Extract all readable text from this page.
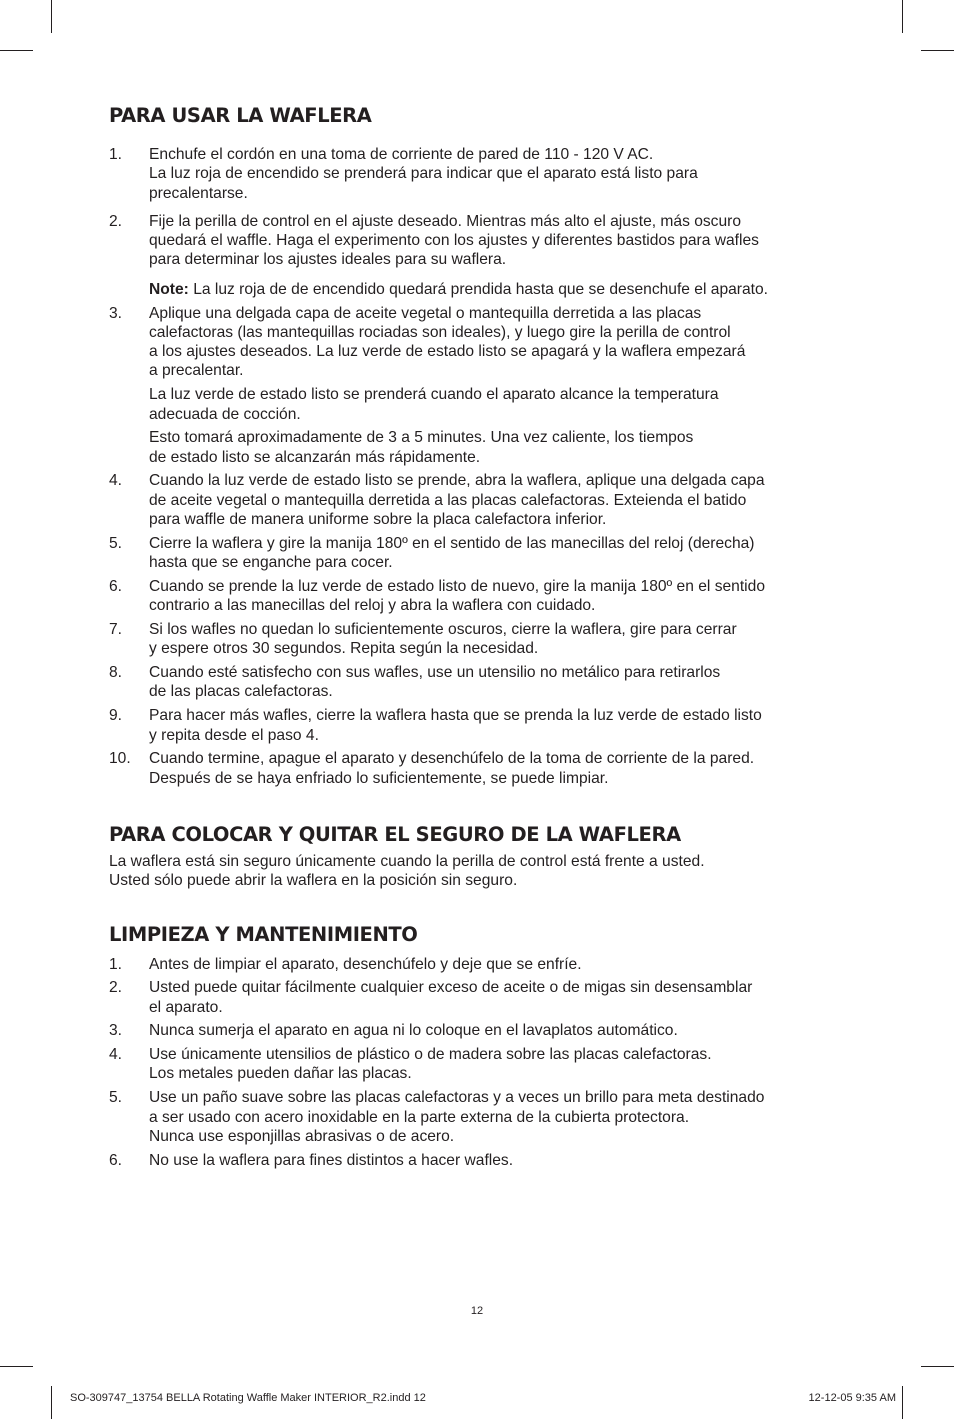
PARA USAR LA WAFLERA
1. Enchufe el cordón en una toma de corriente de pared de 110 - 120 V AC.
La luz roja de encendido se prenderá para indicar que el aparato está listo para
precalentarse.

2. Fije la perilla de control en el ajuste deseado. Mientras más alto el ajuste, más oscuro
quedará el waffle. Haga el experimento con los ajustes y diferentes bastidos para wafles
para determinar los ajustes ideales para su waflera.

Note: La luz roja de de encendido quedará prendida hasta que se desenchufe el aparato.

3. Aplique una delgada capa de aceite vegetal o mantequilla derretida a las placas
calefactoras (las mantequillas rociadas son ideales), y luego gire la perilla de control
a los ajustes deseados. La luz verde de estado listo se apagará y la waflera empezará
a precalentar.

La luz verde de estado listo se prenderá cuando el aparato alcance la temperatura
adecuada de cocción.

Esto tomará aproximadamente de 3 a 5 minutes. Una vez caliente, los tiempos
de estado listo se alcanzarán más rápidamente.

4. Cuando la luz verde de estado listo se prende, abra la waflera, aplique una delgada capa
de aceite vegetal o mantequilla derretida a las placas calefactoras. Exteienda el batido
para waffle de manera uniforme sobre la placa calefactora inferior.

5. Cierre la waflera y gire la manija 180º en el sentido de las manecillas del reloj (derecha)
hasta que se enganche para cocer.

6. Cuando se prende la luz verde de estado listo de nuevo, gire la manija 180º en el sentido
contrario a las manecillas del reloj y abra la waflera con cuidado.

7. Si los wafles no quedan lo suficientemente oscuros, cierre la waflera, gire para cerrar
y espere otros 30 segundos. Repita según la necesidad.

8. Cuando esté satisfecho con sus wafles, use un utensilio no metálico para retirarlos
de las placas calefactoras.

9. Para hacer más wafles, cierre la waflera hasta que se prenda la luz verde de estado listo
y repita desde el paso 4.

10. Cuando termine, apague el aparato y desenchúfelo de la toma de corriente de la pared.
Después de se haya enfriado lo suficientemente, se puede limpiar.

PARA COLOCAR Y QUITAR EL SEGURO DE LA WAFLERA

La waflera está sin seguro únicamente cuando la perilla de control está frente a usted.
Usted sólo puede abrir la waflera en la posición sin seguro.

LIMPIEZA Y MANTENIMIENTO
1. Antes de limpiar el aparato, desenchúfelo y deje que se enfríe.

2. Usted puede quitar fácilmente cualquier exceso de aceite o de migas sin desensamblar
el aparato.

3. Nunca sumerja el aparato en agua ni lo coloque en el lavaplatos automático.

4. Use únicamente utensilios de plástico o de madera sobre las placas calefactoras.
Los metales pueden dañar las placas.

5. Use un paño suave sobre las placas calefactoras y a veces un brillo para meta destinado
a ser usado con acero inoxidable en la parte externa de la cubierta protectora.
Nunca use esponjillas abrasivas o de acero.

6. No use la waflera para fines distintos a hacer wafles.

12
SO-309747_13754 BELLA Rotating Waffle Maker INTERIOR_R2.indd 12	12-12-05 9:35 AM
